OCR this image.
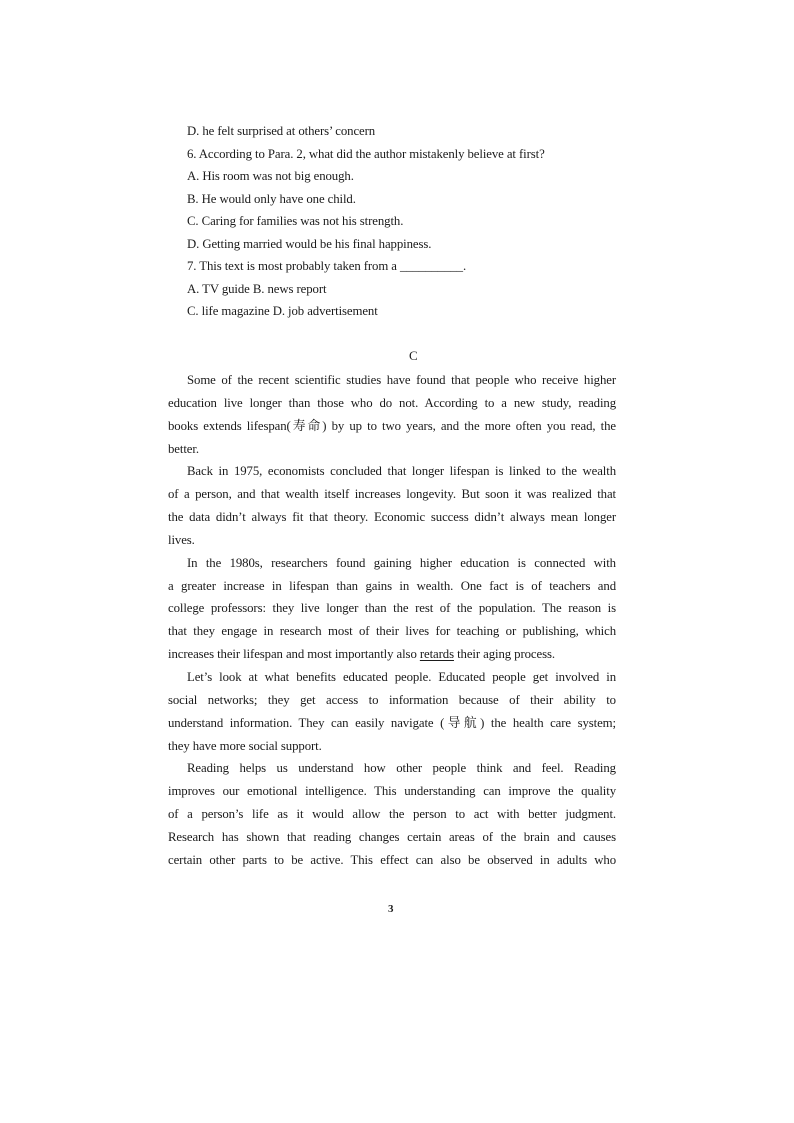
D. he felt surprised at others’ concern
6. According to Para. 2, what did the author mistakenly believe at first?
A. His room was not big enough.
B. He would only have one child.
C. Caring for families was not his strength.
D. Getting married would be his final happiness.
7. This text is most probably taken from a __________.
A. TV guide B. news report
C. life magazine D. job advertisement
C
Some of the recent scientific studies have found that people who receive higher
education live longer than those who do not. According to a new study, reading
books extends lifespan(寿命) by up to two years, and the more often you read, the
better.
Back in 1975, economists concluded that longer lifespan is linked to the wealth
of a person, and that wealth itself increases longevity. But soon it was realized that
the data didn’t always fit that theory. Economic success didn’t always mean longer
lives.
In the 1980s, researchers found gaining higher education is connected with
a greater increase in lifespan than gains in wealth. One fact is of teachers and
college professors: they live longer than the rest of the population. The reason is
that they engage in research most of their lives for teaching or publishing, which
increases their lifespan and most importantly also retards their aging process.
Let’s look at what benefits educated people. Educated people get involved in
social networks; they get access to information because of their ability to
understand information. They can easily navigate (导航) the health care system;
they have more social support.
Reading helps us understand how other people think and feel. Reading
improves our emotional intelligence. This understanding can improve the quality
of a person’s life as it would allow the person to act with better judgment.
Research has shown that reading changes certain areas of the brain and causes
certain other parts to be active. This effect can also be observed in adults who
3
